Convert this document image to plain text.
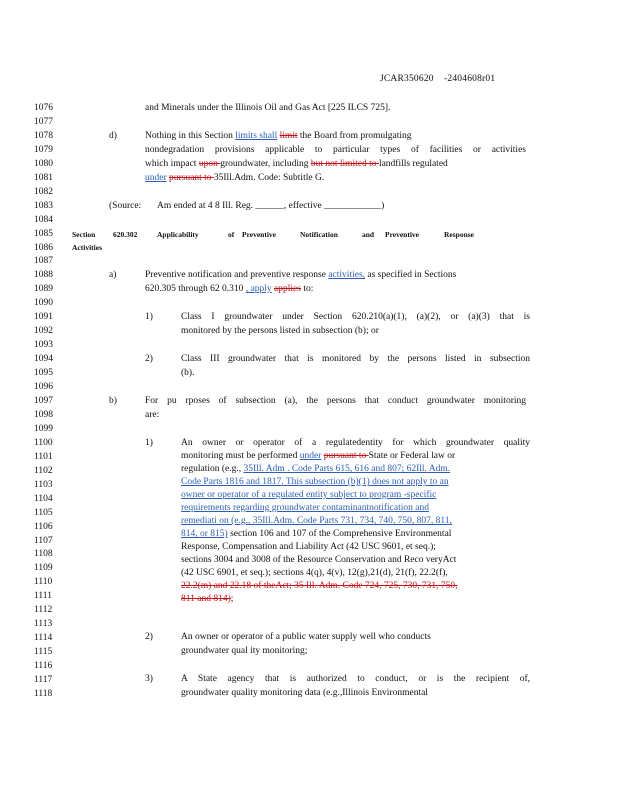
JCAR350620 -2404608r01
1076
1077
1078
1079
1080
1081
1082
1083
1084
1085
1086
1087
1088
1089
1090
1091
1092
1093
1094
1095
1096
1097
1098
1099
1100
1101
1102
1103
1104
1105
1106
1107
1108
1109
1110
1111
1112
1113
1114
1115
1116
1117
1118
and Minerals under the Illinois Oil and Gas Act [225 ILCS 725].
d)	Nothing in this Section limits shall limit the Board from promulgating
nondegradation provisions applicable to particular types of facilities or activities
which impact upon groundwater, including but not limited to landfills regulated
under pursuant to 35Ill.Adm. Code: Subtitle G.
(Source: Am ended at 4 8 Ill. Reg. ______, effective ____________)
Section 620.302	Applicability	of Preventive	Notification	and Preventive	Response
Activities
a)	Preventive notification and preventive response activities, as specified in Sections
620.305 through 62 0.310 , apply applies to:
1)	Class I groundwater under Section 620.210(a)(1), (a)(2), or (a)(3) that is
monitored by the persons listed in subsection (b); or
2)	Class III groundwater that is monitored by the persons listed in subsection
(b).
b)	For pu rposes of subsection (a), the persons that conduct groundwater monitoring
are:
1)	An owner or operator of a regulatedentity for which groundwater quality
monitoring must be performed under pursuant to State or Federal law or
regulation (e.g., 35Ill. Adm . Code Parts 615, 616 and 807; 62Ill. Adm.
Code Parts 1816 and 1817. This subsection (b)(1) does not apply to an
owner or operator of a regulated entity subject to program -specific
requirements regarding groundwater contaminantnotification and
remediati on (e.g., 35Ill.Adm. Code Parts 731, 734, 740, 750, 807, 811,
814, or 815) section 106 and 107 of the Comprehensive Environmental
Response, Compensation and Liability Act (42 USC 9601, et seq.);
sections 3004 and 3008 of the Resource Conservation and Reco veryAct
(42 USC 6901, et seq.); sections 4(q), 4(v), 12(g),21(d), 21(f), 22.2(f),
22.2(m) and 22.18 of theAct; 35 Ill. Adm. Code 724, 725, 730, 731, 750,
811 and 814);
2)	An owner or operator of a public water supply well who conducts
groundwater qual ity monitoring;
3)	A State agency that is authorized to conduct, or is the recipient of,
groundwater quality monitoring data (e.g.,Illinois Environmental
